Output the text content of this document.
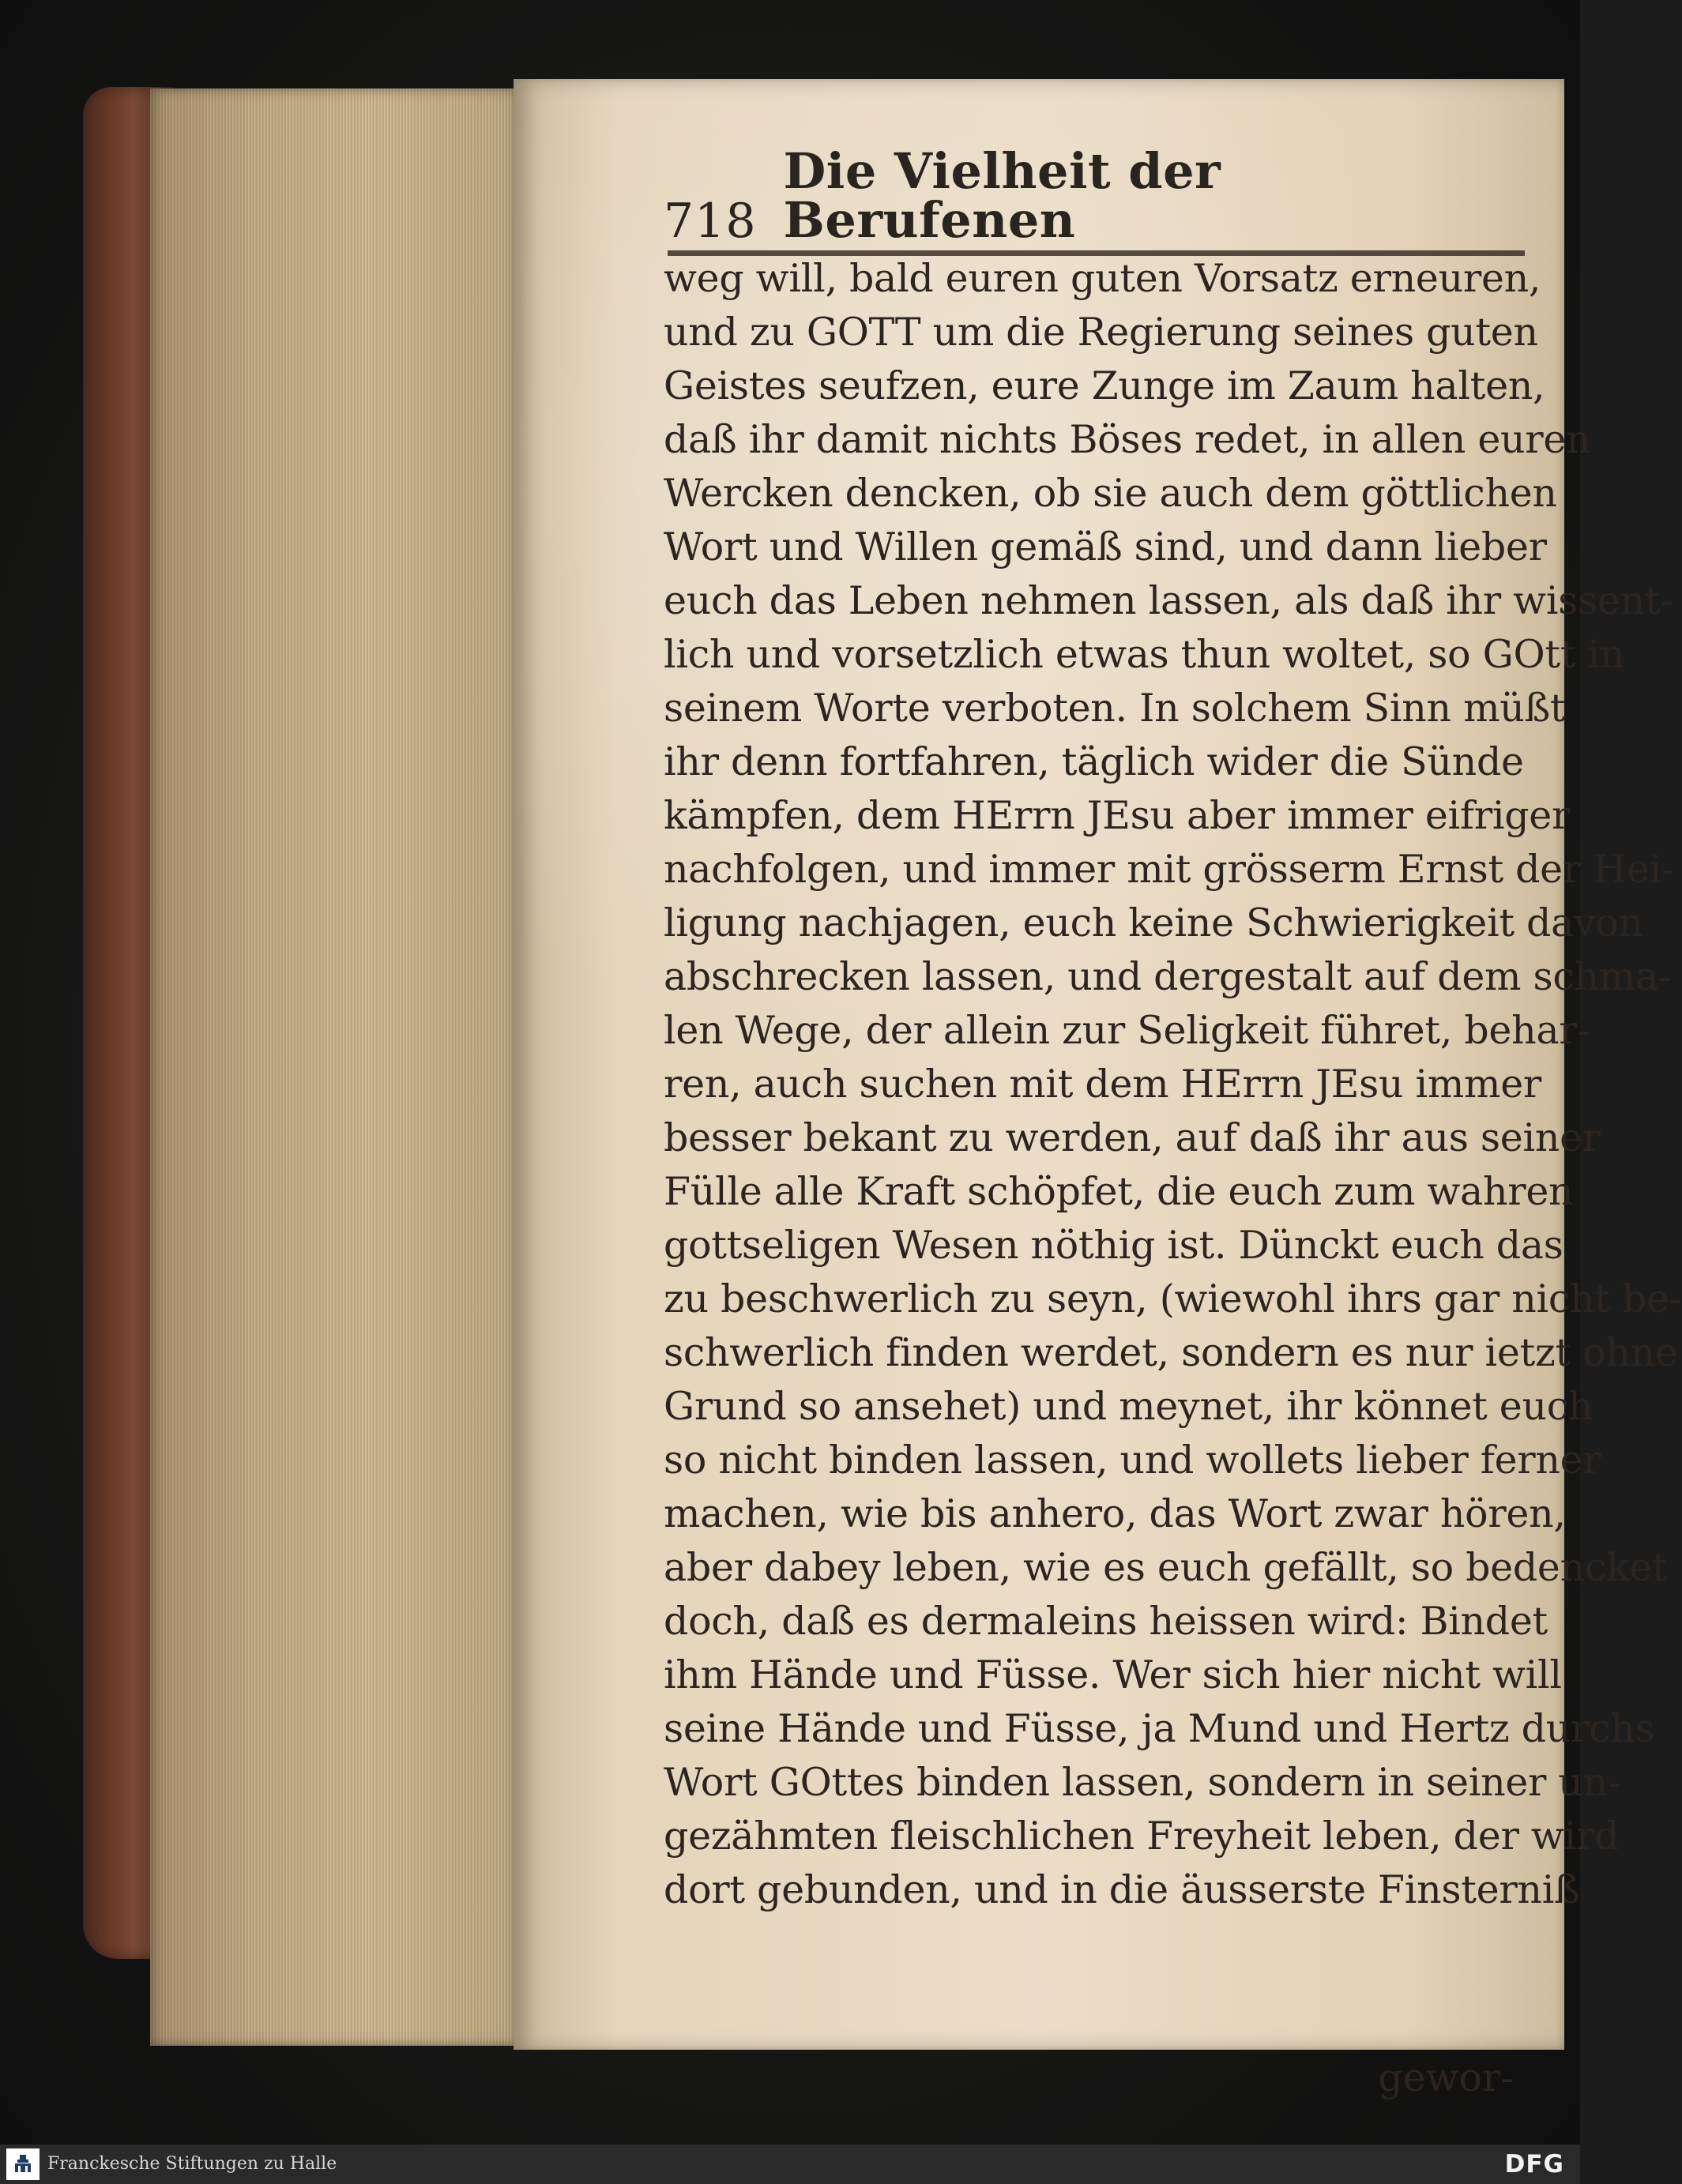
718
Die Vielheit der Berufenen
weg will, bald euren guten Vorsatz erneuren,
und zu GOTT um die Regierung seines guten
Geistes seufzen, eure Zunge im Zaum halten,
daß ihr damit nichts Böses redet, in allen euren
Wercken dencken, ob sie auch dem göttlichen
Wort und Willen gemäß sind, und dann lieber
euch das Leben nehmen lassen, als daß ihr wissent-
lich und vorsetzlich etwas thun woltet, so GOtt in
seinem Worte verboten. In solchem Sinn müßt
ihr denn fortfahren, täglich wider die Sünde
kämpfen, dem HErrn JEsu aber immer eifriger
nachfolgen, und immer mit grösserm Ernst der Hei-
ligung nachjagen, euch keine Schwierigkeit davon
abschrecken lassen, und dergestalt auf dem schma-
len Wege, der allein zur Seligkeit führet, behar-
ren, auch suchen mit dem HErrn JEsu immer
besser bekant zu werden, auf daß ihr aus seiner
Fülle alle Kraft schöpfet, die euch zum wahren
gottseligen Wesen nöthig ist. Dünckt euch das
zu beschwerlich zu seyn, (wiewohl ihrs gar nicht be-
schwerlich finden werdet, sondern es nur ietzt ohne
Grund so ansehet) und meynet, ihr könnet euch
so nicht binden lassen, und wollets lieber ferner
machen, wie bis anhero, das Wort zwar hören,
aber dabey leben, wie es euch gefällt, so bedencket
doch, daß es dermaleins heissen wird: Bindet
ihm Hände und Füsse. Wer sich hier nicht will
seine Hände und Füsse, ja Mund und Hertz durchs
Wort GOttes binden lassen, sondern in seiner un-
gezähmten fleischlichen Freyheit leben, der wird
dort gebunden, und in die äusserste Finsterniß
gewor-
Franckesche Stiftungen zu Halle	DFG
